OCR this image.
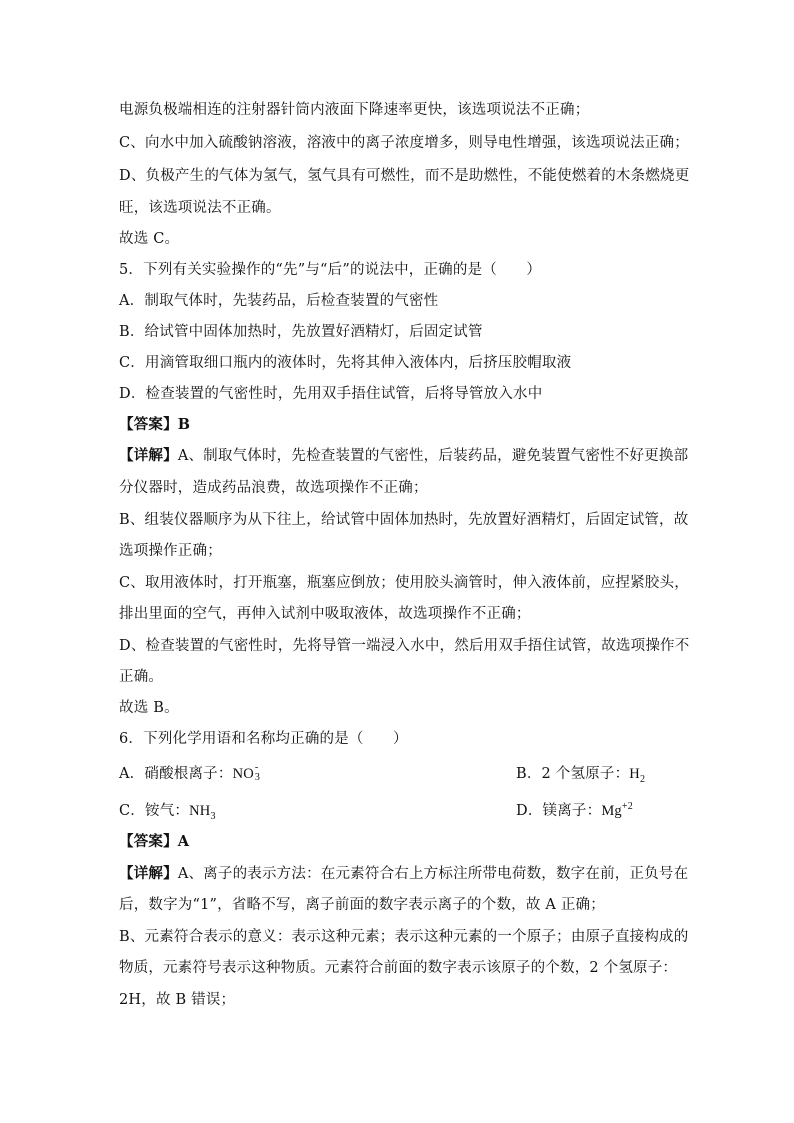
电源负极端相连的注射器针筒内液面下降速率更快，该选项说法不正确；
C、向水中加入硫酸钠溶液，溶液中的离子浓度增多，则导电性增强，该选项说法正确；
D、负极产生的气体为氢气，氢气具有可燃性，而不是助燃性，不能使燃着的木条燃烧更
旺，该选项说法不正确。
故选 C。
5．下列有关实验操作的“先”与“后”的说法中，正确的是（　　）
A．制取气体时，先装药品，后检查装置的气密性
B．给试管中固体加热时，先放置好酒精灯，后固定试管
C．用滴管取细口瓶内的液体时，先将其伸入液体内，后挤压胶帽取液
D．检查装置的气密性时，先用双手捂住试管，后将导管放入水中
【答案】B
【详解】A、制取气体时，先检查装置的气密性，后装药品，避免装置气密性不好更换部
分仪器时，造成药品浪费，故选项操作不正确；
B、组装仪器顺序为从下往上，给试管中固体加热时，先放置好酒精灯，后固定试管，故
选项操作正确；
C、取用液体时，打开瓶塞，瓶塞应倒放；使用胶头滴管时，伸入液体前，应捏紧胶头，
排出里面的空气，再伸入试剂中吸取液体，故选项操作不正确；
D、检查装置的气密性时，先将导管一端浸入水中，然后用双手捂住试管，故选项操作不
正确。
故选 B。
6．下列化学用语和名称均正确的是（　　）
A．硝酸根离子：NO -
3	B．2 个氢原子：$H_2$
C．铵气：$NH_3$	D．镁离子：$Mg^{+2}$
【答案】A
【详解】A、离子的表示方法：在元素符合右上方标注所带电荷数，数字在前，正负号在
后，数字为“1”，省略不写，离子前面的数字表示离子的个数，故 A 正确；
B、元素符合表示的意义：表示这种元素；表示这种元素的一个原子；由原子直接构成的
物质，元素符号表示这种物质。元素符合前面的数字表示该原子的个数，2 个氢原子：
2H，故 B 错误；
